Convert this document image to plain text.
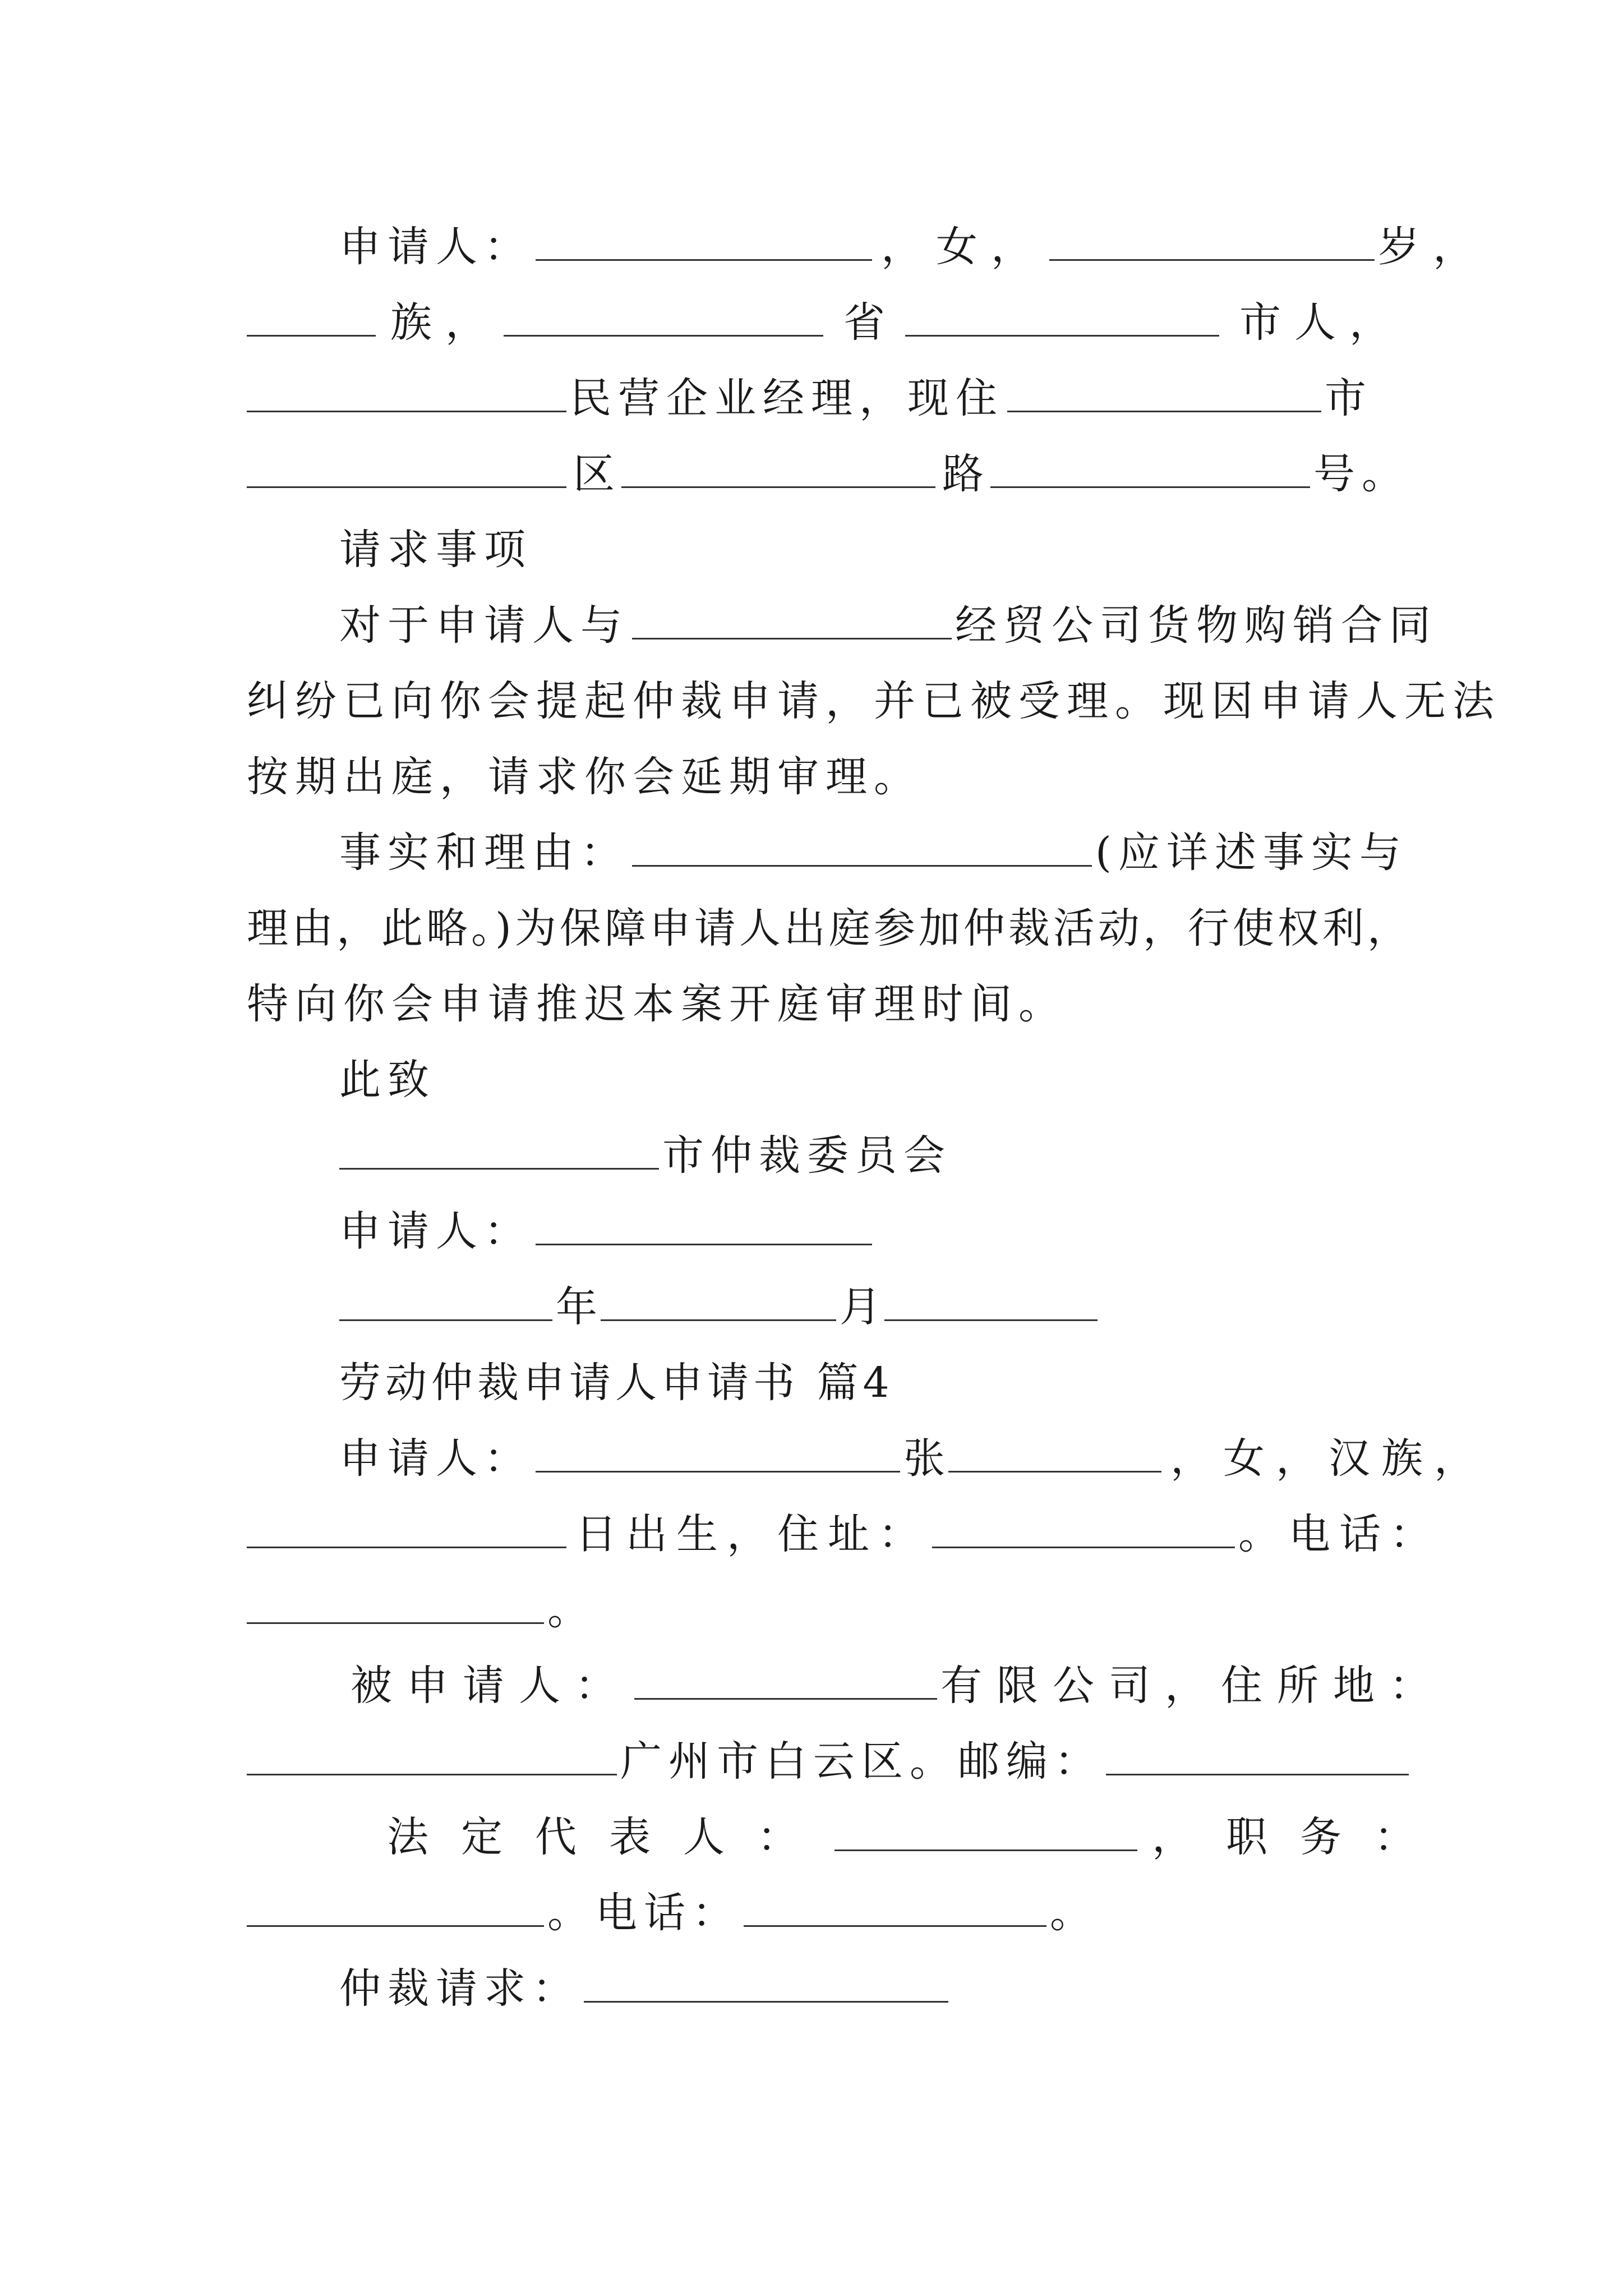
申请人：	，女，	岁，
族，	省	市人，
民营企业经理，现住	市
区	路	号。
请求事项
对于申请人与	经贸公司货物购销合同
纠纷已向你会提起仲裁申请，并已被受理。现因申请人无法
按期出庭，请求你会延期审理。
事实和理由：	(应详述事实与
理由，此略。)为保障申请人出庭参加仲裁活动，行使权利，
特向你会申请推迟本案开庭审理时间。
此致
市仲裁委员会
申请人：
年	月
劳动仲裁申请人申请书 篇4
申请人：	张	，女，汉族，
日出生，住址：	。电话：
。
被申请人：	有限公司，住所地：
广州市白云区。邮编：
法定代表人：	，职务：
。电话：	。
仲裁请求：
